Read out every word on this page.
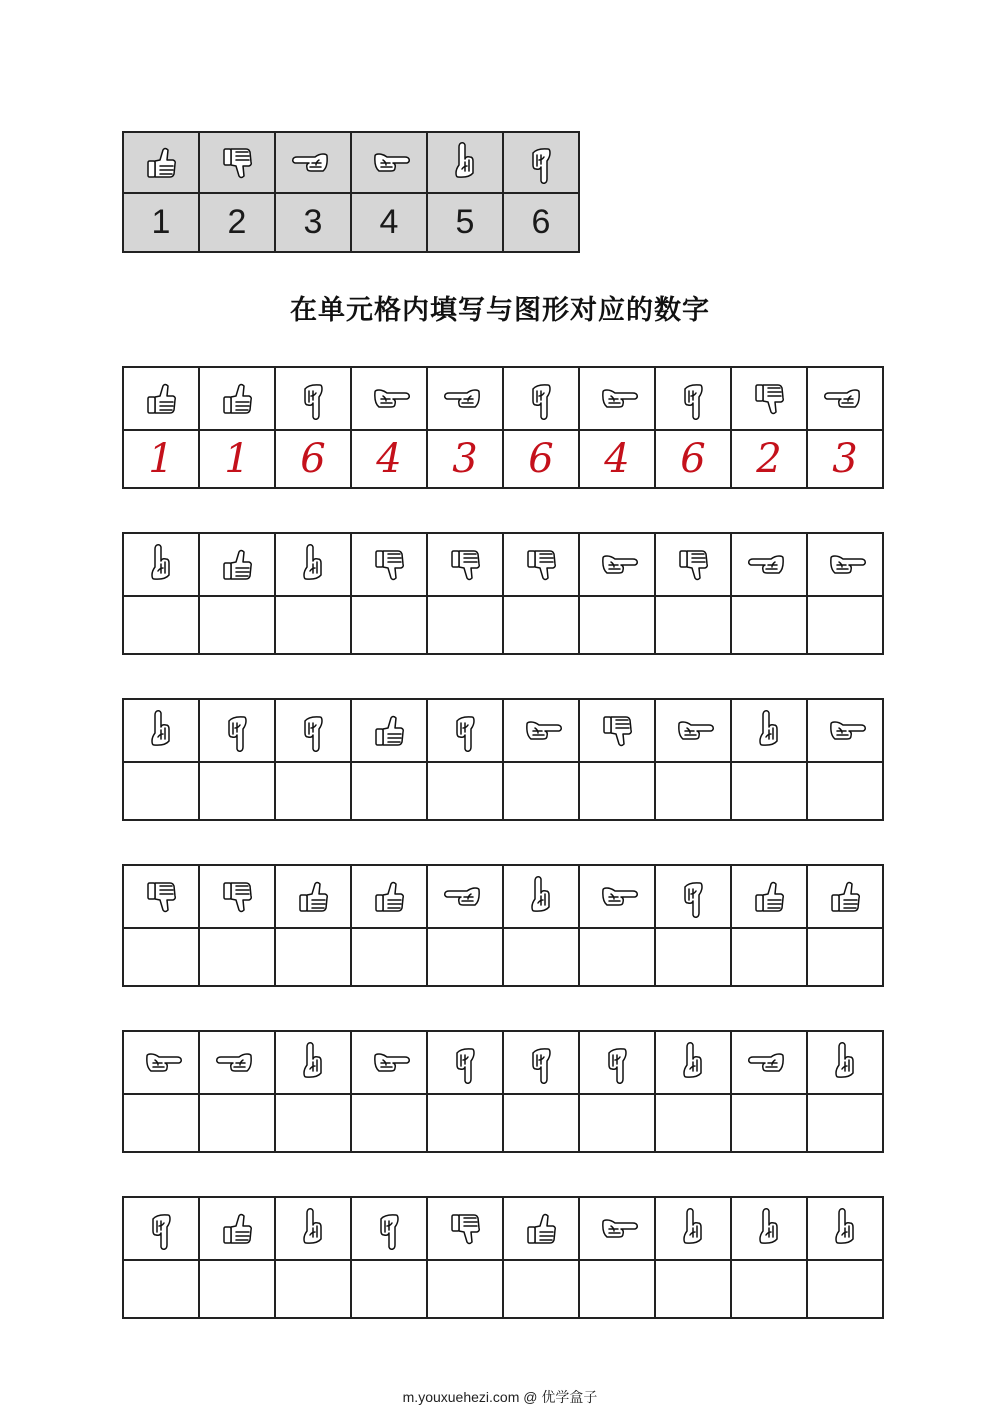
1	2	3	4	5	6
在单元格内填写与图形对应的数字

1	1	6	4	3	6	4	6	2	3

m.youxuehezi.com @ 优学盒子
